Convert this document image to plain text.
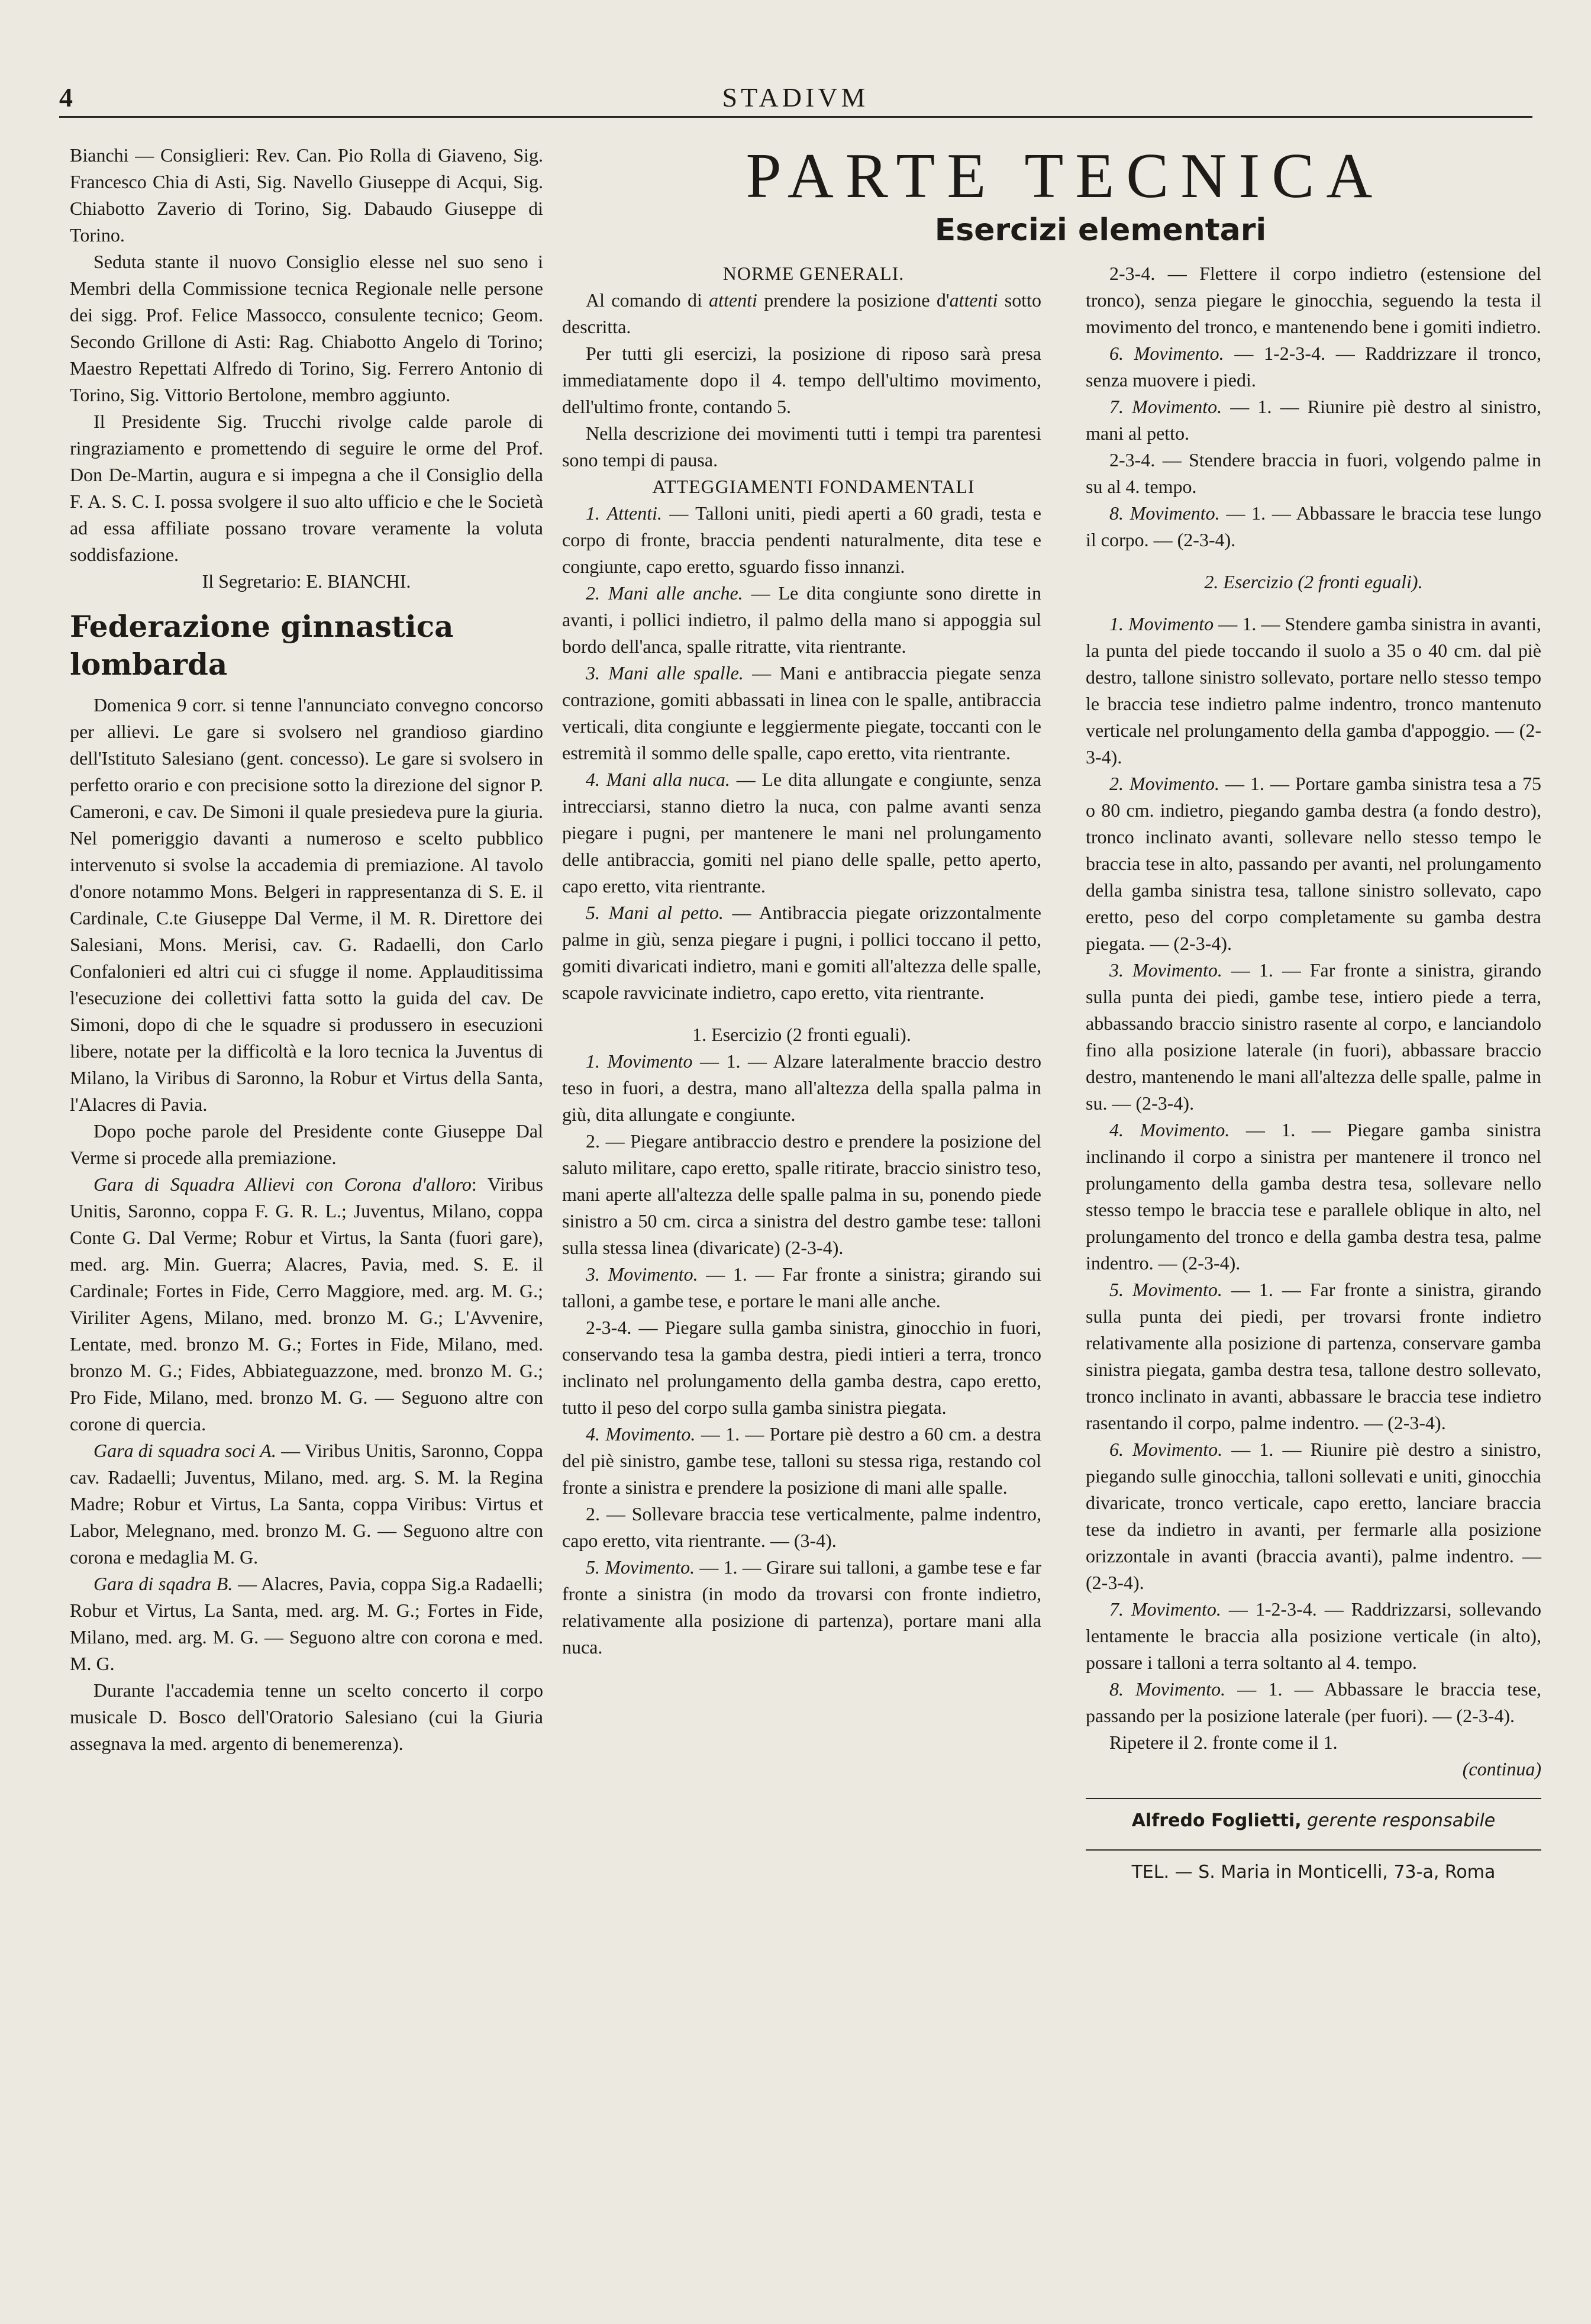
4	STADIVM

Bianchi — Consiglieri: Rev. Can. Pio Rolla di Giaveno, Sig. Francesco Chia di Asti, Sig. Navello Giuseppe di Acqui, Sig. Chiabotto Zaverio di Torino, Sig. Dabaudo Giuseppe di Torino.

Seduta stante il nuovo Consiglio elesse nel suo seno i Membri della Commissione tecnica Regionale nelle persone dei sigg. Prof. Felice Massocco, consulente tecnico; Geom. Secondo Grillone di Asti: Rag. Chiabotto Angelo di Torino; Maestro Repettati Alfredo di Torino, Sig. Ferrero Antonio di Torino, Sig. Vittorio Bertolone, membro aggiunto.

Il Presidente Sig. Trucchi rivolge calde parole di ringraziamento e promettendo di seguire le orme del Prof. Don De-Martin, augura e si impegna a che il Consiglio della F. A. S. C. I. possa svolgere il suo alto ufficio e che le Società ad essa affiliate possano trovare veramente la voluta soddisfazione.

Il Segretario: E. BIANCHI.

Federazione ginnastica lombarda

Domenica 9 corr. si tenne l'annunciato convegno concorso per allievi. Le gare si svolsero nel grandioso giardino dell'Istituto Salesiano (gent. concesso). Le gare si svolsero in perfetto orario e con precisione sotto la direzione del signor P. Cameroni, e cav. De Simoni il quale presiedeva pure la giuria. Nel pomeriggio davanti a numeroso e scelto pubblico intervenuto si svolse la accademia di premiazione. Al tavolo d'onore notammo Mons. Belgeri in rappresentanza di S. E. il Cardinale, C.te Giuseppe Dal Verme, il M. R. Direttore dei Salesiani, Mons. Merisi, cav. G. Radaelli, don Carlo Confalonieri ed altri cui ci sfugge il nome. Applauditissima l'esecuzione dei collettivi fatta sotto la guida del cav. De Simoni, dopo di che le squadre si produssero in esecuzioni libere, notate per la difficoltà e la loro tecnica la Juventus di Milano, la Viribus di Saronno, la Robur et Virtus della Santa, l'Alacres di Pavia.

Dopo poche parole del Presidente conte Giuseppe Dal Verme si procede alla premiazione.

Gara di Squadra Allievi con Corona d'alloro: Viribus Unitis, Saronno, coppa F. G. R. L.; Juventus, Milano, coppa Conte G. Dal Verme; Robur et Virtus, la Santa (fuori gare), med. arg. Min. Guerra; Alacres, Pavia, med. S. E. il Cardinale; Fortes in Fide, Cerro Maggiore, med. arg. M. G.; Viriliter Agens, Milano, med. bronzo M. G.; L'Avvenire, Lentate, med. bronzo M. G.; Fortes in Fide, Milano, med. bronzo M. G.; Fides, Abbiateguazzone, med. bronzo M. G.; Pro Fide, Milano, med. bronzo M. G. — Seguono altre con corone di quercia.

Gara di squadra soci A. — Viribus Unitis, Saronno, Coppa cav. Radaelli; Juventus, Milano, med. arg. S. M. la Regina Madre; Robur et Virtus, La Santa, coppa Viribus: Virtus et Labor, Melegnano, med. bronzo M. G. — Seguono altre con corona e medaglia M. G.

Gara di sqadra B. — Alacres, Pavia, coppa Sig.a Radaelli; Robur et Virtus, La Santa, med. arg. M. G.; Fortes in Fide, Milano, med. arg. M. G. — Seguono altre con corona e med. M. G.

Durante l'accademia tenne un scelto concerto il corpo musicale D. Bosco dell'Oratorio Salesiano (cui la Giuria assegnava la med. argento di benemerenza).

PARTE TECNICA
Esercizi elementari

NORME GENERALI.

Al comando di attenti prendere la posizione d'attenti sotto descritta.

Per tutti gli esercizi, la posizione di riposo sarà presa immediatamente dopo il 4. tempo dell'ultimo movimento, dell'ultimo fronte, contando 5.

Nella descrizione dei movimenti tutti i tempi tra parentesi sono tempi di pausa.

ATTEGGIAMENTI FONDAMENTALI

1. Attenti. — Talloni uniti, piedi aperti a 60 gradi, testa e corpo di fronte, braccia pendenti naturalmente, dita tese e congiunte, capo eretto, sguardo fisso innanzi.

2. Mani alle anche. — Le dita congiunte sono dirette in avanti, i pollici indietro, il palmo della mano si appoggia sul bordo dell'anca, spalle ritratte, vita rientrante.

3. Mani alle spalle. — Mani e antibraccia piegate senza contrazione, gomiti abbassati in linea con le spalle, antibraccia verticali, dita congiunte e leggiermente piegate, toccanti con le estremità il sommo delle spalle, capo eretto, vita rientrante.

4. Mani alla nuca. — Le dita allungate e congiunte, senza intrecciarsi, stanno dietro la nuca, con palme avanti senza piegare i pugni, per mantenere le mani nel prolungamento delle antibraccia, gomiti nel piano delle spalle, petto aperto, capo eretto, vita rientrante.

5. Mani al petto. — Antibraccia piegate orizzontalmente palme in giù, senza piegare i pugni, i pollici toccano il petto, gomiti divaricati indietro, mani e gomiti all'altezza delle spalle, scapole ravvicinate indietro, capo eretto, vita rientrante.

1. Esercizio (2 fronti eguali).

1. Movimento — 1. — Alzare lateralmente braccio destro teso in fuori, a destra, mano all'altezza della spalla palma in giù, dita allungate e congiunte.

2. — Piegare antibraccio destro e prendere la posizione del saluto militare, capo eretto, spalle ritirate, braccio sinistro teso, mani aperte all'altezza delle spalle palma in su, ponendo piede sinistro a 50 cm. circa a sinistra del destro gambe tese: talloni sulla stessa linea (divaricate) (2-3-4).

3. Movimento. — 1. — Far fronte a sinistra; girando sui talloni, a gambe tese, e portare le mani alle anche.

2-3-4. — Piegare sulla gamba sinistra, ginocchio in fuori, conservando tesa la gamba destra, piedi intieri a terra, tronco inclinato nel prolungamento della gamba destra, capo eretto, tutto il peso del corpo sulla gamba sinistra piegata.

4. Movimento. — 1. — Portare piè destro a 60 cm. a destra del piè sinistro, gambe tese, talloni su stessa riga, restando col fronte a sinistra e prendere la posizione di mani alle spalle.

2. — Sollevare braccia tese verticalmente, palme indentro, capo eretto, vita rientrante. — (3-4).

5. Movimento. — 1. — Girare sui talloni, a gambe tese e far fronte a sinistra (in modo da trovarsi con fronte indietro, relativamente alla posizione di partenza), portare mani alla nuca.

2-3-4. — Flettere il corpo indietro (estensione del tronco), senza piegare le ginocchia, seguendo la testa il movimento del tronco, e mantenendo bene i gomiti indietro.

6. Movimento. — 1-2-3-4. — Raddrizzare il tronco, senza muovere i piedi.

7. Movimento. — 1. — Riunire piè destro al sinistro, mani al petto.

2-3-4. — Stendere braccia in fuori, volgendo palme in su al 4. tempo.

8. Movimento. — 1. — Abbassare le braccia tese lungo il corpo. — (2-3-4).

2. Esercizio (2 fronti eguali).

1. Movimento — 1. — Stendere gamba sinistra in avanti, la punta del piede toccando il suolo a 35 o 40 cm. dal piè destro, tallone sinistro sollevato, portare nello stesso tempo le braccia tese indietro palme indentro, tronco mantenuto verticale nel prolungamento della gamba d'appoggio. — (2-3-4).

2. Movimento. — 1. — Portare gamba sinistra tesa a 75 o 80 cm. indietro, piegando gamba destra (a fondo destro), tronco inclinato avanti, sollevare nello stesso tempo le braccia tese in alto, passando per avanti, nel prolungamento della gamba sinistra tesa, tallone sinistro sollevato, capo eretto, peso del corpo completamente su gamba destra piegata. — (2-3-4).

3. Movimento. — 1. — Far fronte a sinistra, girando sulla punta dei piedi, gambe tese, intiero piede a terra, abbassando braccio sinistro rasente al corpo, e lanciandolo fino alla posizione laterale (in fuori), abbassare braccio destro, mantenendo le mani all'altezza delle spalle, palme in su. — (2-3-4).

4. Movimento. — 1. — Piegare gamba sinistra inclinando il corpo a sinistra per mantenere il tronco nel prolungamento della gamba destra tesa, sollevare nello stesso tempo le braccia tese e parallele oblique in alto, nel prolungamento del tronco e della gamba destra tesa, palme indentro. — (2-3-4).

5. Movimento. — 1. — Far fronte a sinistra, girando sulla punta dei piedi, per trovarsi fronte indietro relativamente alla posizione di partenza, conservare gamba sinistra piegata, gamba destra tesa, tallone destro sollevato, tronco inclinato in avanti, abbassare le braccia tese indietro rasentando il corpo, palme indentro. — (2-3-4).

6. Movimento. — 1. — Riunire piè destro a sinistro, piegando sulle ginocchia, talloni sollevati e uniti, ginocchia divaricate, tronco verticale, capo eretto, lanciare braccia tese da indietro in avanti, per fermarle alla posizione orizzontale in avanti (braccia avanti), palme indentro. — (2-3-4).

7. Movimento. — 1-2-3-4. — Raddrizzarsi, sollevando lentamente le braccia alla posizione verticale (in alto), possare i talloni a terra soltanto al 4. tempo.

8. Movimento. — 1. — Abbassare le braccia tese, passando per la posizione laterale (per fuori). — (2-3-4).

Ripetere il 2. fronte come il 1.

(continua)

Alfredo Foglietti, gerente responsabile
TEL. — S. Maria in Monticelli, 73-a, Roma
